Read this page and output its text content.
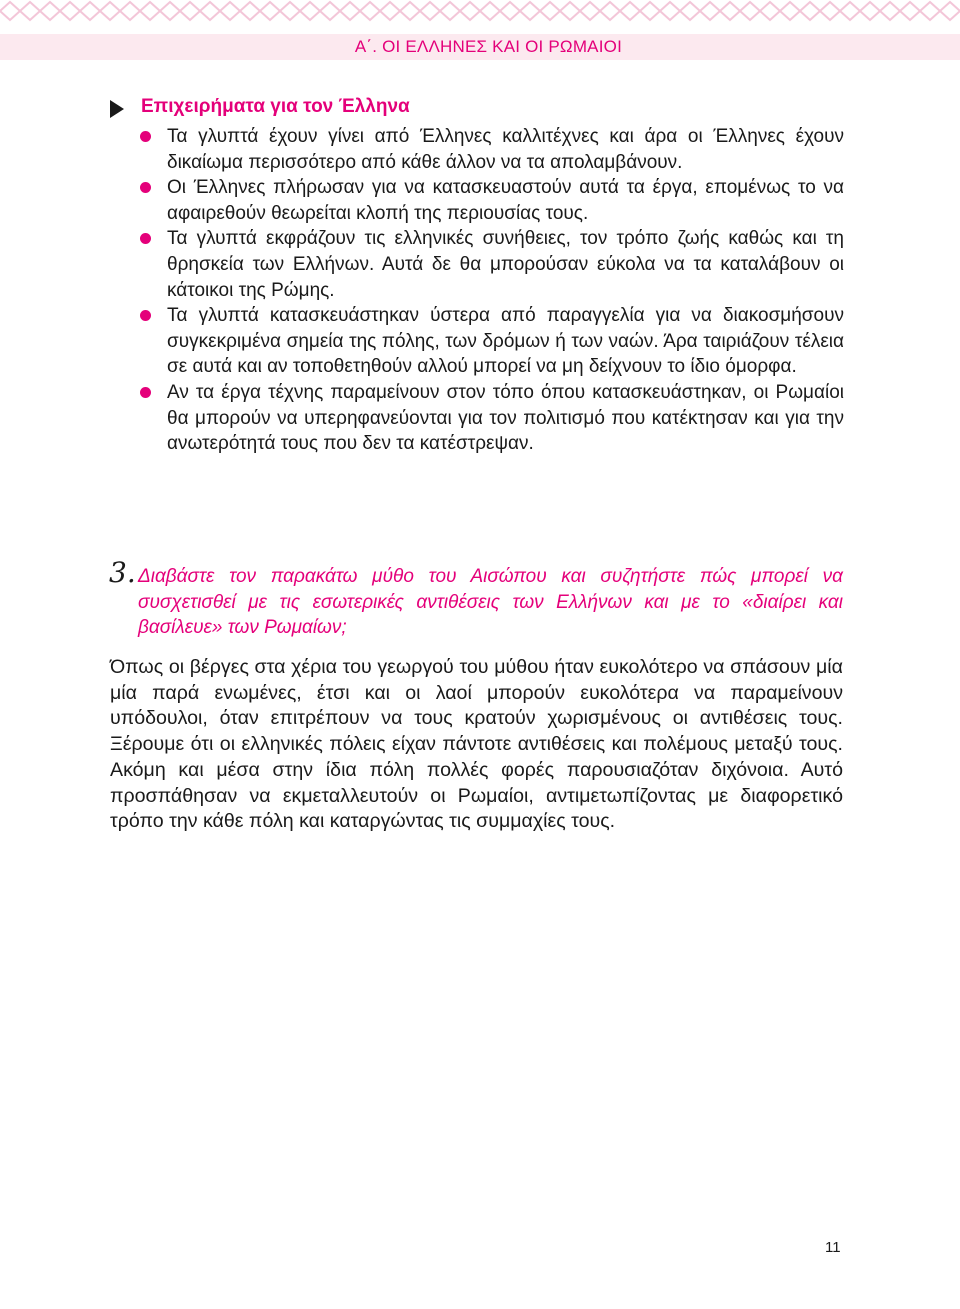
Α΄. ΟΙ ΕΛΛΗΝΕΣ ΚΑΙ ΟΙ ΡΩΜΑΙΟΙ
Επιχειρήματα για τον Έλληνα
Τα γλυπτά έχουν γίνει από Έλληνες καλλιτέχνες και άρα οι Έλληνες έχουν δικαίωμα περισσότερο από κάθε άλλον να τα απολαμβάνουν.
Οι Έλληνες πλήρωσαν για να κατασκευαστούν αυτά τα έργα, επομένως το να αφαιρεθούν θεωρείται κλοπή της περιουσίας τους.
Τα γλυπτά εκφράζουν τις ελληνικές συνήθειες, τον τρόπο ζωής καθώς και τη θρησκεία των Ελλήνων. Αυτά δε θα μπορούσαν εύκολα να τα καταλάβουν οι κάτοικοι της Ρώμης.
Τα γλυπτά κατασκευάστηκαν ύστερα από παραγγελία για να διακοσμήσουν συγκεκριμένα σημεία της πόλης, των δρόμων ή των ναών. Άρα ταιριάζουν τέλεια σε αυτά και αν τοποθετηθούν αλλού μπορεί να μη δείχνουν το ίδιο όμορφα.
Αν τα έργα τέχνης παραμείνουν στον τόπο όπου κατασκευάστηκαν, οι Ρωμαίοι θα μπορούν να υπερηφανεύονται για τον πολιτισμό που κατέκτησαν και για την ανωτερότητά τους που δεν τα κατέστρεψαν.
3. Διαβάστε τον παρακάτω μύθο του Αισώπου και συζητήστε πώς μπορεί να συσχετισθεί με τις εσωτερικές αντιθέσεις των Ελλήνων και με το «διαίρει και βασίλευε» των Ρωμαίων;
Όπως οι βέργες στα χέρια του γεωργού του μύθου ήταν ευκολότερο να σπάσουν μία μία παρά ενωμένες, έτσι και οι λαοί μπορούν ευκολότερα να παραμείνουν υπόδουλοι, όταν επιτρέπουν να τους κρατούν χωρισμένους οι αντιθέσεις τους. Ξέρουμε ότι οι ελληνικές πόλεις είχαν πάντοτε αντιθέσεις και πολέμους μεταξύ τους. Ακόμη και μέσα στην ίδια πόλη πολλές φορές παρουσιαζόταν διχόνοια. Αυτό προσπάθησαν να εκμεταλλευτούν οι Ρωμαίοι, αντιμετωπίζοντας με διαφορετικό τρόπο την κάθε πόλη και καταργώντας τις συμμαχίες τους.
11
